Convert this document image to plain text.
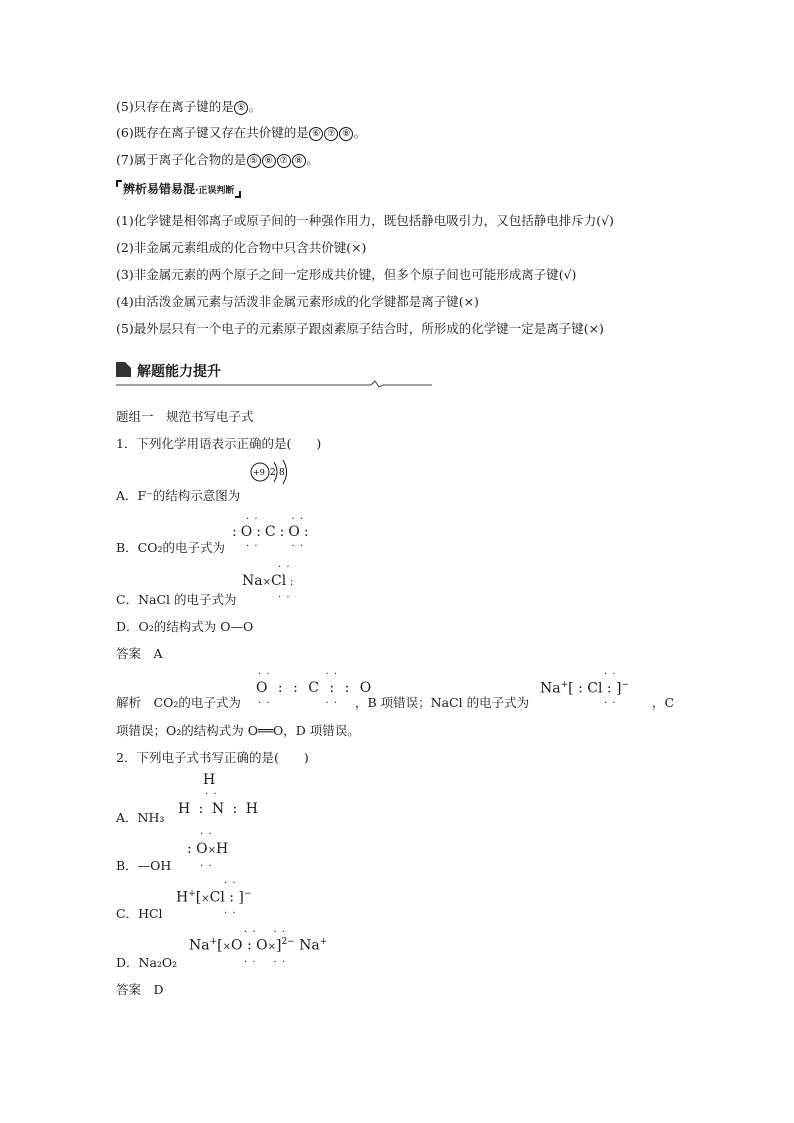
(5)只存在离子键的是 ⑤ 。
(6)既存在离子键又存在共价键的是 ⑥ ⑦ ⑧ 。
(7)属于离子化合物的是 ⑤ ⑥ ⑦ ⑧ 。
辨析易错易混·正误判断
(1)化学键是相邻离子或原子间的一种强作用力，既包括静电吸引力，又包括静电排斥力(√)
(2)非金属元素组成的化合物中只含共价键(×)
(3)非金属元素的两个原子之间一定形成共价键，但多个原子间也可能形成离子键(√)
(4)由活泼金属元素与活泼非金属元素形成的化学键都是离子键(×)
(5)最外层只有一个电子的元素原子跟卤素原子结合时，所形成的化学键一定是离子键(×)
解题能力提升
题组一　规范书写电子式
1．下列化学用语表示正确的是(　　)
A．F⁻的结构示意图为
+9 2 8
B．CO₂的电子式为
:O:C:O:
· ·   · ·
· ·   · ·
C．NaCl 的电子式为
Na×Cl :
· ·
· ·
D．O₂的结构式为 O—O
答案  A
解析  CO₂的电子式为
O : : C : : O
· ·     · ·
· ·     · · ，B 项错误；NaCl 的电子式为
Na+[ : Cl : ]−
· ·
· ·	，C
项错误；O₂的结构式为 O══O，D 项错误。
2．下列电子式书写正确的是(　　)
A．NH₃
H
· ·
H : N : H
B．—OH
· ·
: O×H
· ·
C．HCl
· ·
H+[×Cl : ]−
· ·
D．Na₂O₂
· ·  · ·
Na+[×O : O×]$^{2-}$ Na+
· ·  · ·
答案  D
